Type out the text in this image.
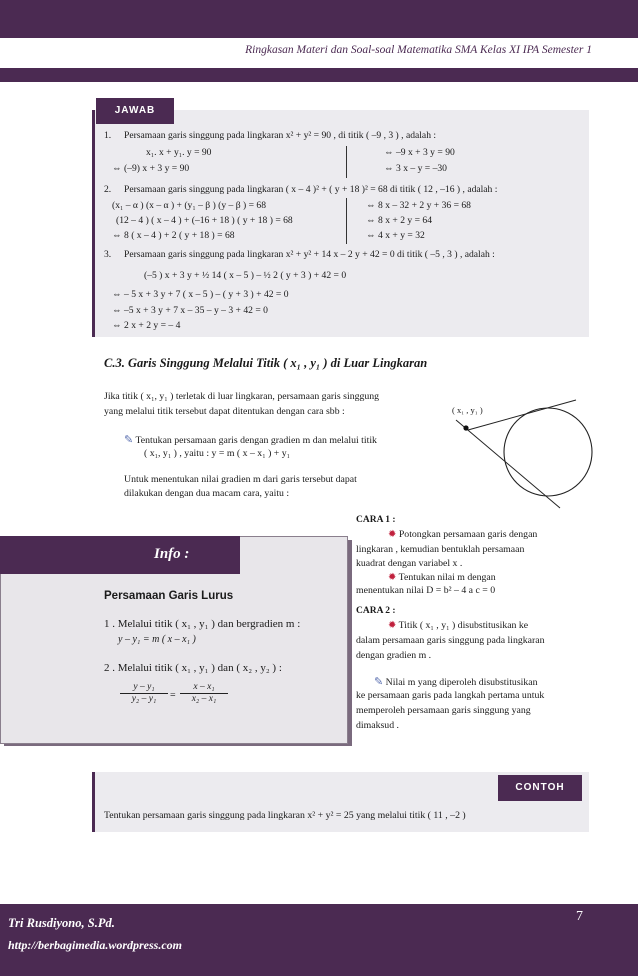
Ringkasan Materi dan Soal-soal Matematika SMA Kelas XI IPA Semester 1
JAWAB
1. Persamaan garis singgung pada lingkaran x² + y² = 90 , di titik ( –9 , 3 ) , adalah :
x₁. x + y₁. y = 90
⇔ (–9) x + 3 y = 90
⇔ –9 x + 3 y = 90
⇔ 3 x – y = –30
2. Persamaan garis singgung pada lingkaran ( x – 4 )² + ( y + 18 )² = 68 di titik ( 12 , –16 ) , adalah :
(x₁ – α ) (x – α ) + (y₁ – β ) (y – β ) = 68
(12 – 4 ) ( x – 4 ) + (–16 + 18 ) ( y + 18 ) = 68
⇔ 8 ( x – 4 ) + 2 ( y + 18 ) = 68
⇔ 8 x – 32 + 2 y + 36 = 68
⇔ 8 x + 2 y = 64
⇔ 4 x + y = 32
3. Persamaan garis singgung pada lingkaran x² + y² + 14 x – 2 y + 42 = 0 di titik ( –5 , 3 ) , adalah :
(–5 ) x + 3 y + ½ 14 ( x – 5 ) – ½ 2 ( y + 3 ) + 42 = 0
⇔ – 5 x + 3 y + 7 ( x – 5 ) – ( y + 3 ) + 42 = 0
⇔ –5 x + 3 y + 7 x – 35 – y – 3 + 42 = 0
⇔ 2 x + 2 y = – 4
C.3. Garis Singgung Melalui Titik ( x₁ , y₁ ) di Luar Lingkaran
Jika titik ( x₁, y₁ ) terletak di luar lingkaran, persamaan garis singgung
yang melalui titik tersebut dapat ditentukan dengan cara sbb :
✎ Tentukan persamaan garis dengan gradien m dan melalui titik
( x₁, y₁ ) , yaitu : y = m ( x – x₁ ) + y₁
Untuk menentukan nilai gradien m dari garis tersebut dapat
dilakukan dengan dua macam cara, yaitu :
( x₁ , y₁ )
CARA 1 :
✹ Potongkan persamaan garis dengan
lingkaran , kemudian bentuklah persamaan
kuadrat dengan variabel x .
✹ Tentukan nilai m dengan
menentukan nilai D = b² – 4 a c = 0
CARA 2 :
✹ Titik ( x₁ , y₁ ) disubstitusikan ke
dalam persamaan garis singgung pada lingkaran
dengan gradien m .
✎ Nilai m yang diperoleh disubstitusikan
ke persamaan garis pada langkah pertama untuk
memperoleh persamaan garis singgung yang
dimaksud .
Info :
Persamaan Garis Lurus
1 . Melalui titik ( x₁ , y₁ ) dan bergradien m :
y – y₁ = m ( x – x₁ )
2 . Melalui titik ( x₁ , y₁ ) dan ( x₂ , y₂ ) :
$\frac{\text{y – y₁}}{\text{y₂ – y₁}} = \frac{\text{x – x₁}}{\text{x₂ – x₁}}$
CONTOH
Tentukan persamaan garis singgung pada lingkaran x² + y² = 25 yang melalui titik ( 11 , –2 )
Tri Rusdiyono, S.Pd.
http://berbagimedia.wordpress.com
7
